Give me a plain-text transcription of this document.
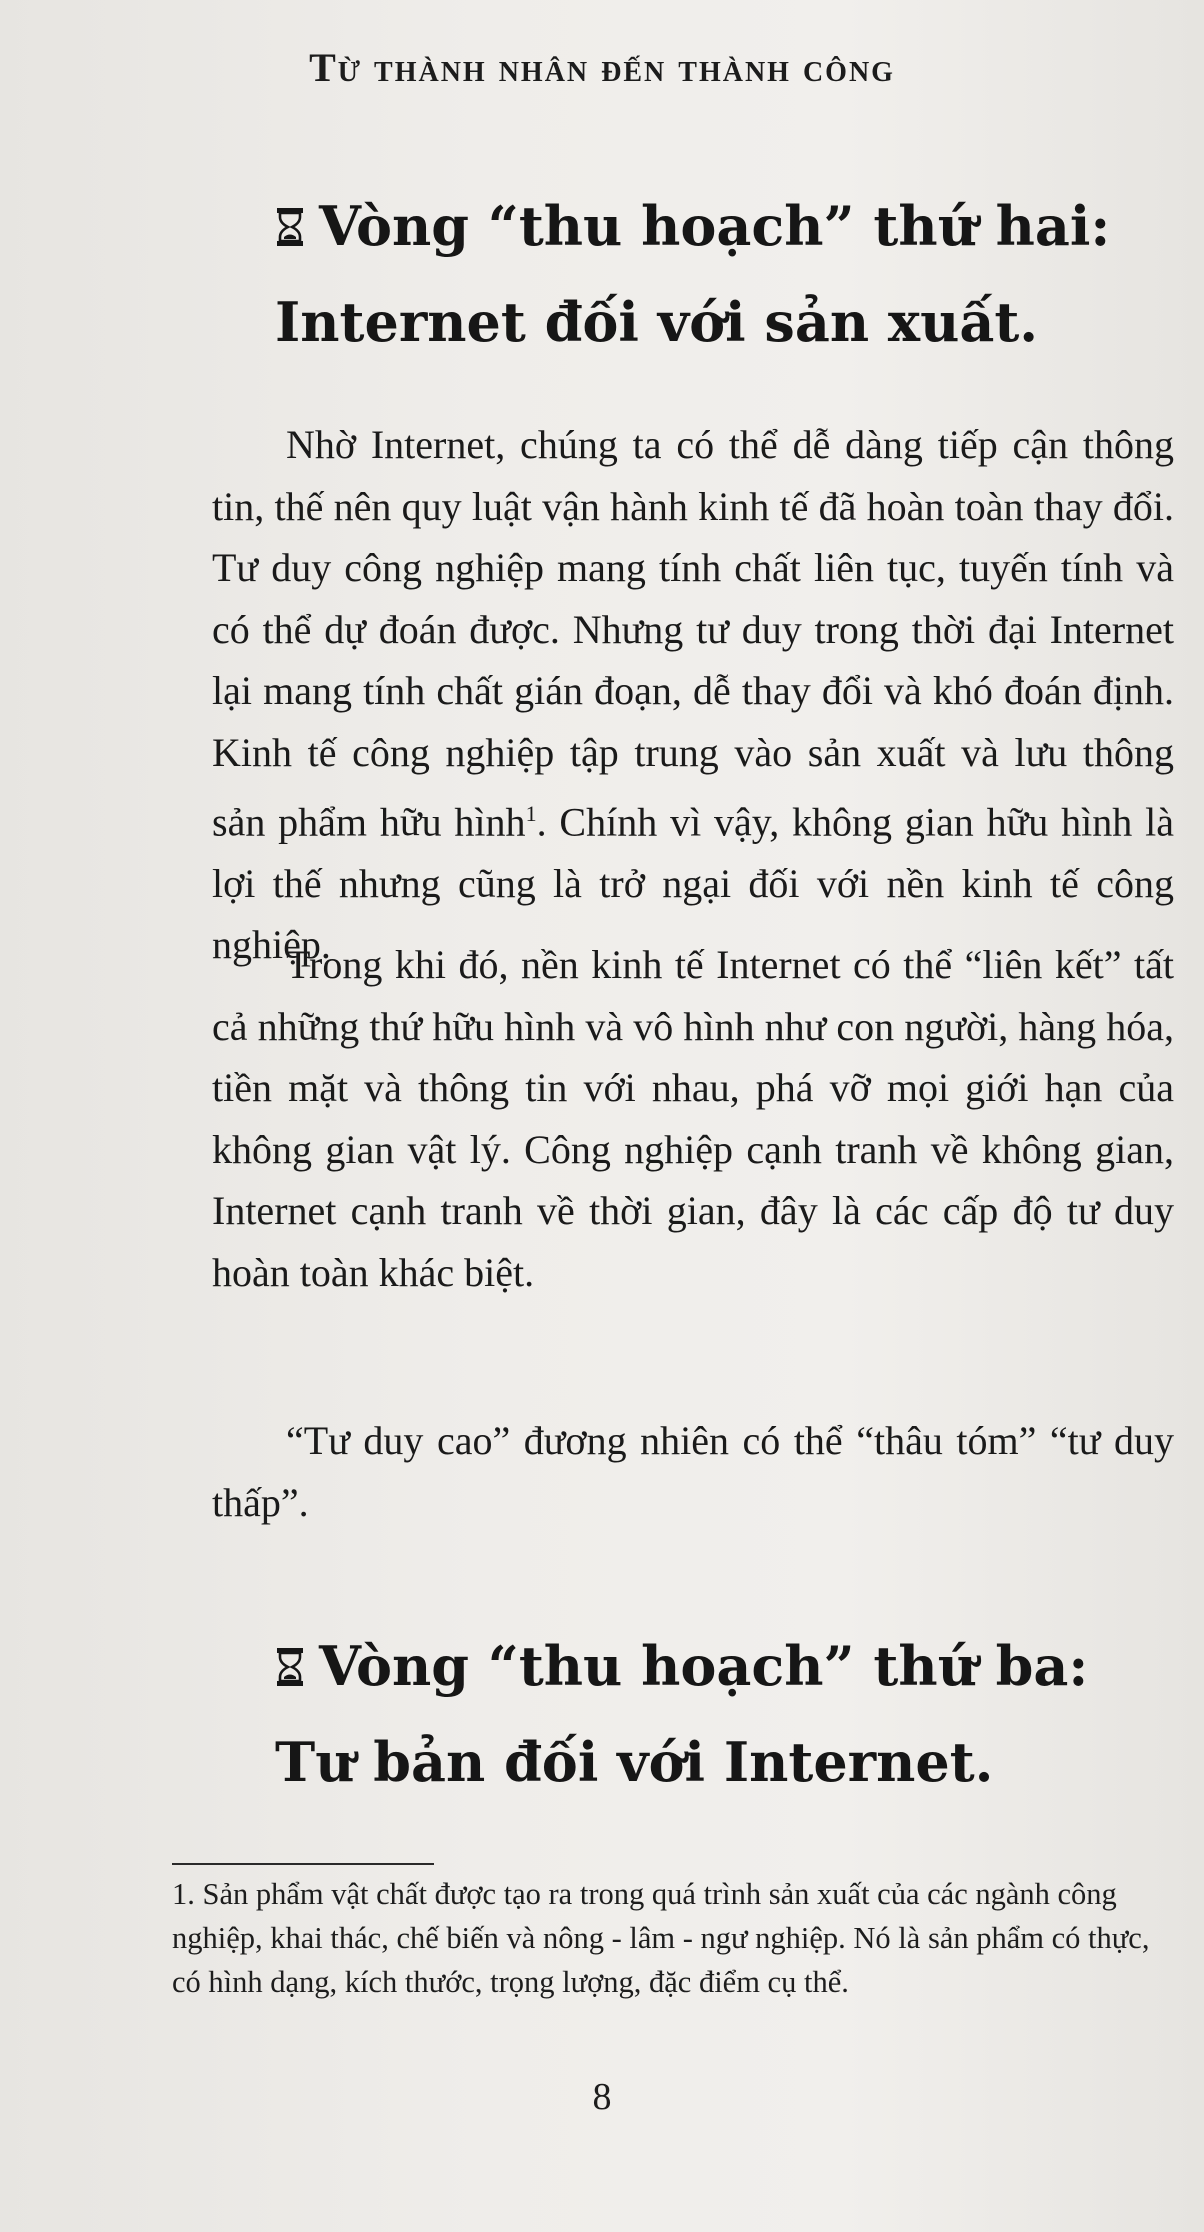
Từ thành nhân đến thành công
Vòng “thu hoạch” thứ hai:
Internet đối với sản xuất.

Nhờ Internet, chúng ta có thể dễ dàng tiếp cận thông tin, thế nên quy luật vận hành kinh tế đã hoàn toàn thay đổi. Tư duy công nghiệp mang tính chất liên tục, tuyến tính và có thể dự đoán được. Nhưng tư duy trong thời đại Internet lại mang tính chất gián đoạn, dễ thay đổi và khó đoán định. Kinh tế công nghiệp tập trung vào sản xuất và lưu thông sản phẩm hữu hình$^1$. Chính vì vậy, không gian hữu hình là lợi thế nhưng cũng là trở ngại đối với nền kinh tế công nghiệp.

Trong khi đó, nền kinh tế Internet có thể “liên kết” tất cả những thứ hữu hình và vô hình như con người, hàng hóa, tiền mặt và thông tin với nhau, phá vỡ mọi giới hạn của không gian vật lý. Công nghiệp cạnh tranh về không gian, Internet cạnh tranh về thời gian, đây là các cấp độ tư duy hoàn toàn khác biệt.

“Tư duy cao” đương nhiên có thể “thâu tóm” “tư duy thấp”.

Vòng “thu hoạch” thứ ba:
Tư bản đối với Internet.
1. Sản phẩm vật chất được tạo ra trong quá trình sản xuất của các ngành công nghiệp, khai thác, chế biến và nông - lâm - ngư nghiệp. Nó là sản phẩm có thực, có hình dạng, kích thước, trọng lượng, đặc điểm cụ thể.
8
